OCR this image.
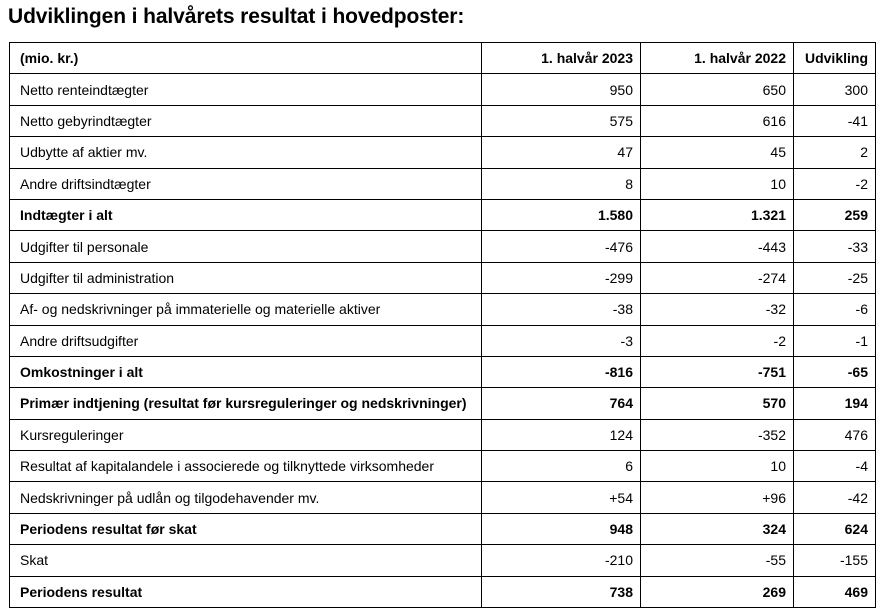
Udviklingen i halvårets resultat i hovedposter:
(mio. kr.)	1. halvår 2023	1. halvår 2022	Udvikling
Netto renteindtægter	950	650	300
Netto gebyrindtægter	575	616	-41
Udbytte af aktier mv.	47	45	2
Andre driftsindtægter	8	10	-2
Indtægter i alt	1.580	1.321	259
Udgifter til personale	-476	-443	-33
Udgifter til administration	-299	-274	-25
Af- og nedskrivninger på immaterielle og materielle aktiver	-38	-32	-6
Andre driftsudgifter	-3	-2	-1
Omkostninger i alt	-816	-751	-65
Primær indtjening (resultat før kursreguleringer og nedskrivninger)	764	570	194
Kursreguleringer	124	-352	476
Resultat af kapitalandele i associerede og tilknyttede virksomheder	6	10	-4
Nedskrivninger på udlån og tilgodehavender mv.	+54	+96	-42
Periodens resultat før skat	948	324	624
Skat	-210	-55	-155
Periodens resultat	738	269	469
